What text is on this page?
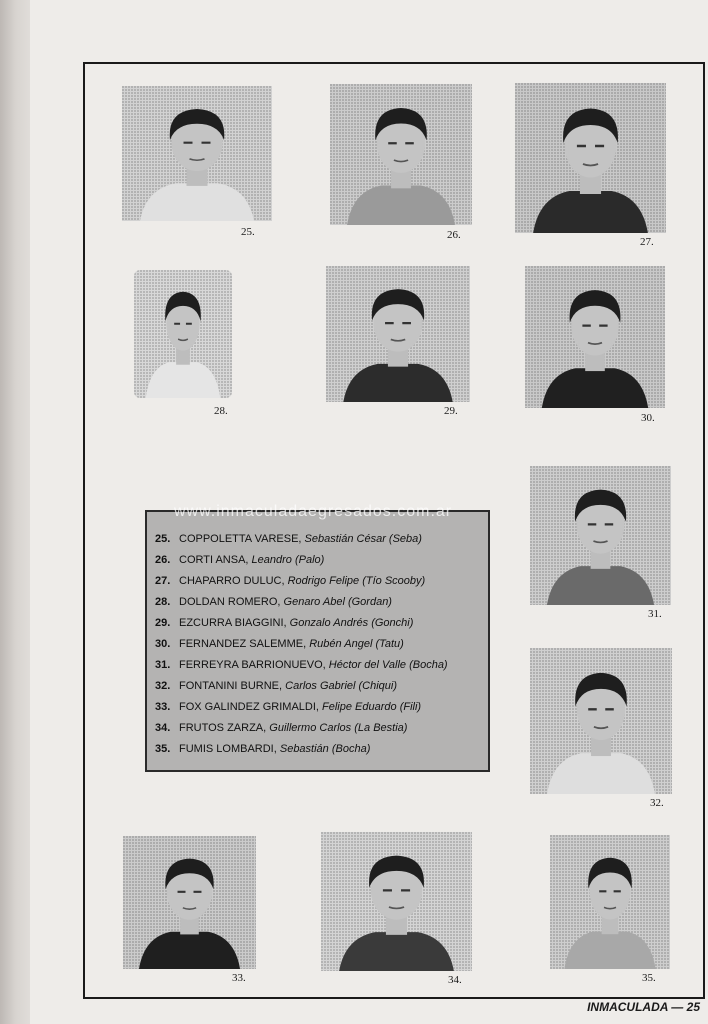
25.	26.
27.
28.	29.
30.
31.
32.
33.	34.	35.
25. COPPOLETTA VARESE, Sebastián César (Seba)
26. CORTI ANSA, Leandro (Palo)
27. CHAPARRO DULUC, Rodrigo Felipe (Tío Scooby)
28. DOLDAN ROMERO, Genaro Abel (Gordan)
29. EZCURRA BIAGGINI, Gonzalo Andrés (Gonchi)
30. FERNANDEZ SALEMME, Rubén Angel (Tatu)
31. FERREYRA BARRIONUEVO, Héctor del Valle (Bocha)
32. FONTANINI BURNE, Carlos Gabriel (Chiqui)
33. FOX GALINDEZ GRIMALDI, Felipe Eduardo (Fili)
34. FRUTOS ZARZA, Guillermo Carlos (La Bestia)
35. FUMIS LOMBARDI, Sebastián (Bocha)
www.inmaculadaegresados.com.ar
INMACULADA — 25
